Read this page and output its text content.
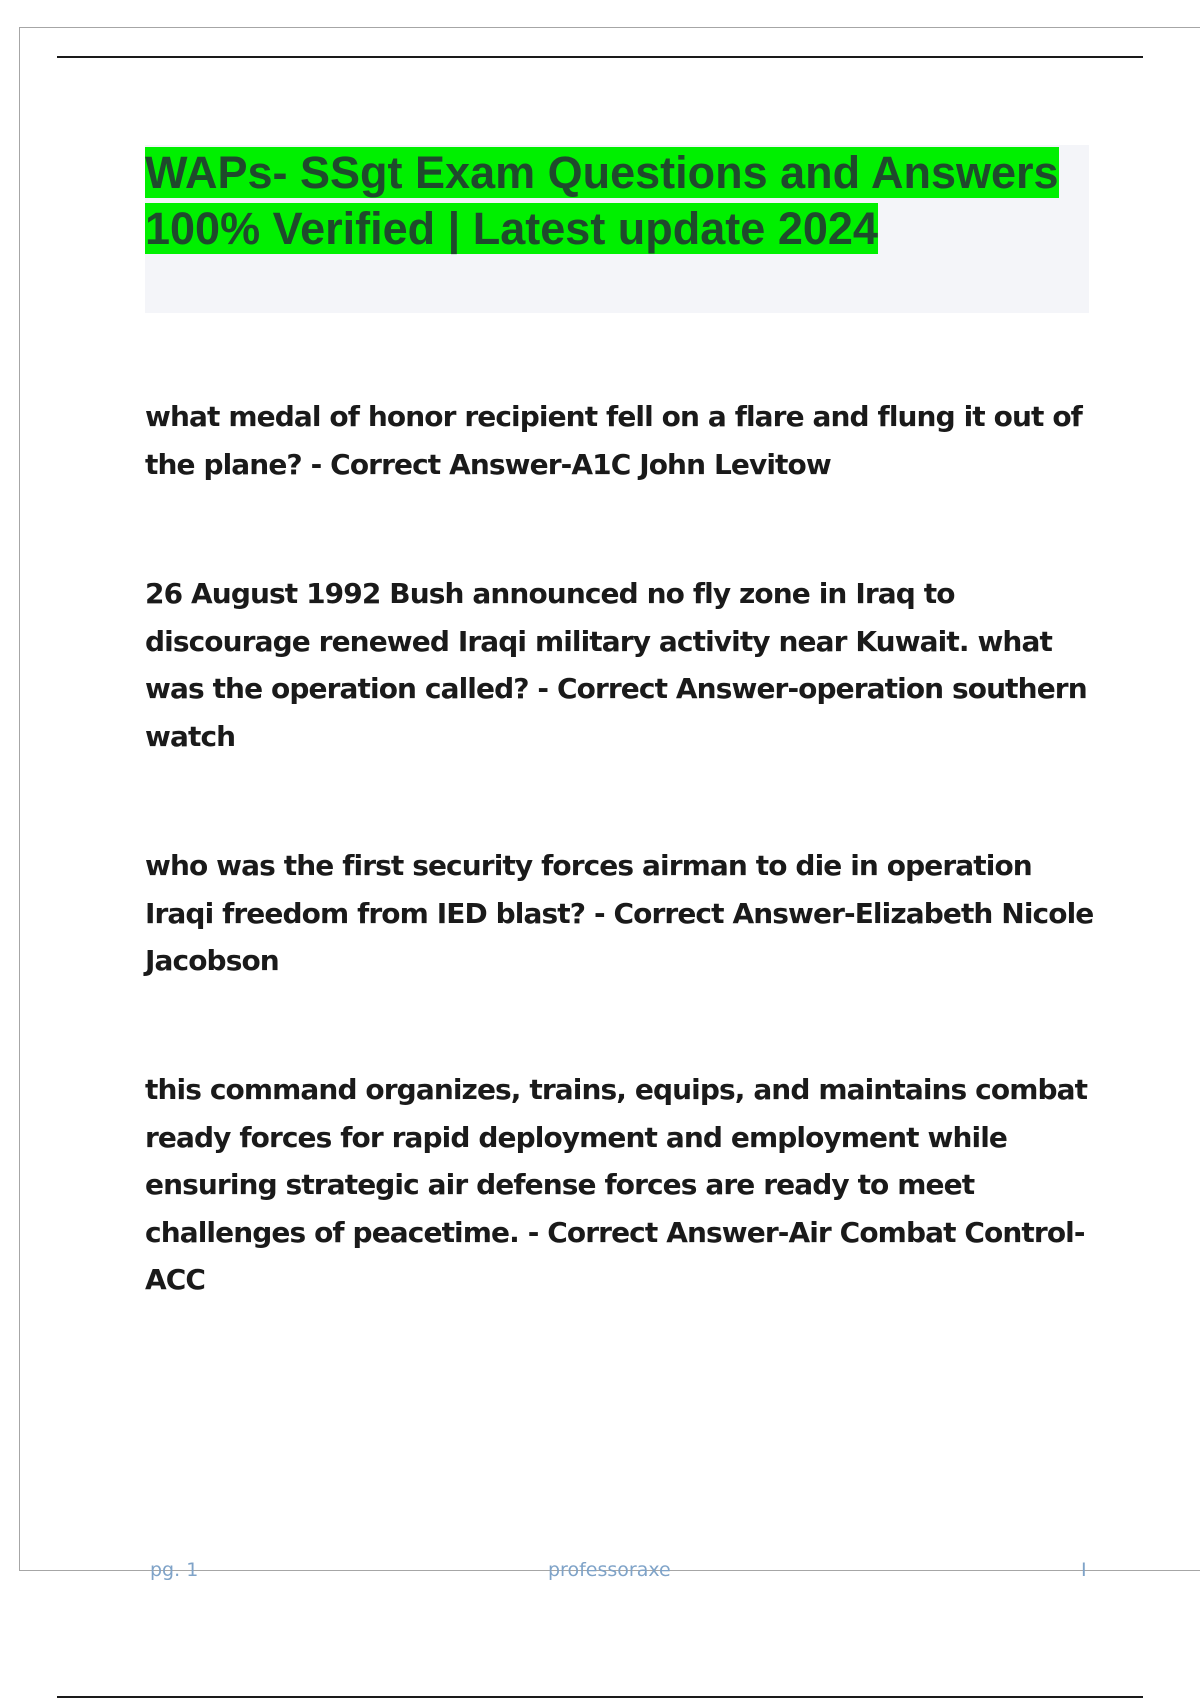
WAPs- SSgt Exam Questions and Answers 100% Verified | Latest update 2024

what medal of honor recipient fell on a flare and flung it out of the plane? - Correct Answer-A1C John Levitow

26 August 1992 Bush announced no fly zone in Iraq to discourage renewed Iraqi military activity near Kuwait. what was the operation called? - Correct Answer-operation southern watch

who was the first security forces airman to die in operation Iraqi freedom from IED blast? - Correct Answer-Elizabeth Nicole Jacobson

this command organizes, trains, equips, and maintains combat ready forces for rapid deployment and employment while ensuring strategic air defense forces are ready to meet challenges of peacetime. - Correct Answer-Air Combat Control- ACC

pg. 1	professoraxe	I
